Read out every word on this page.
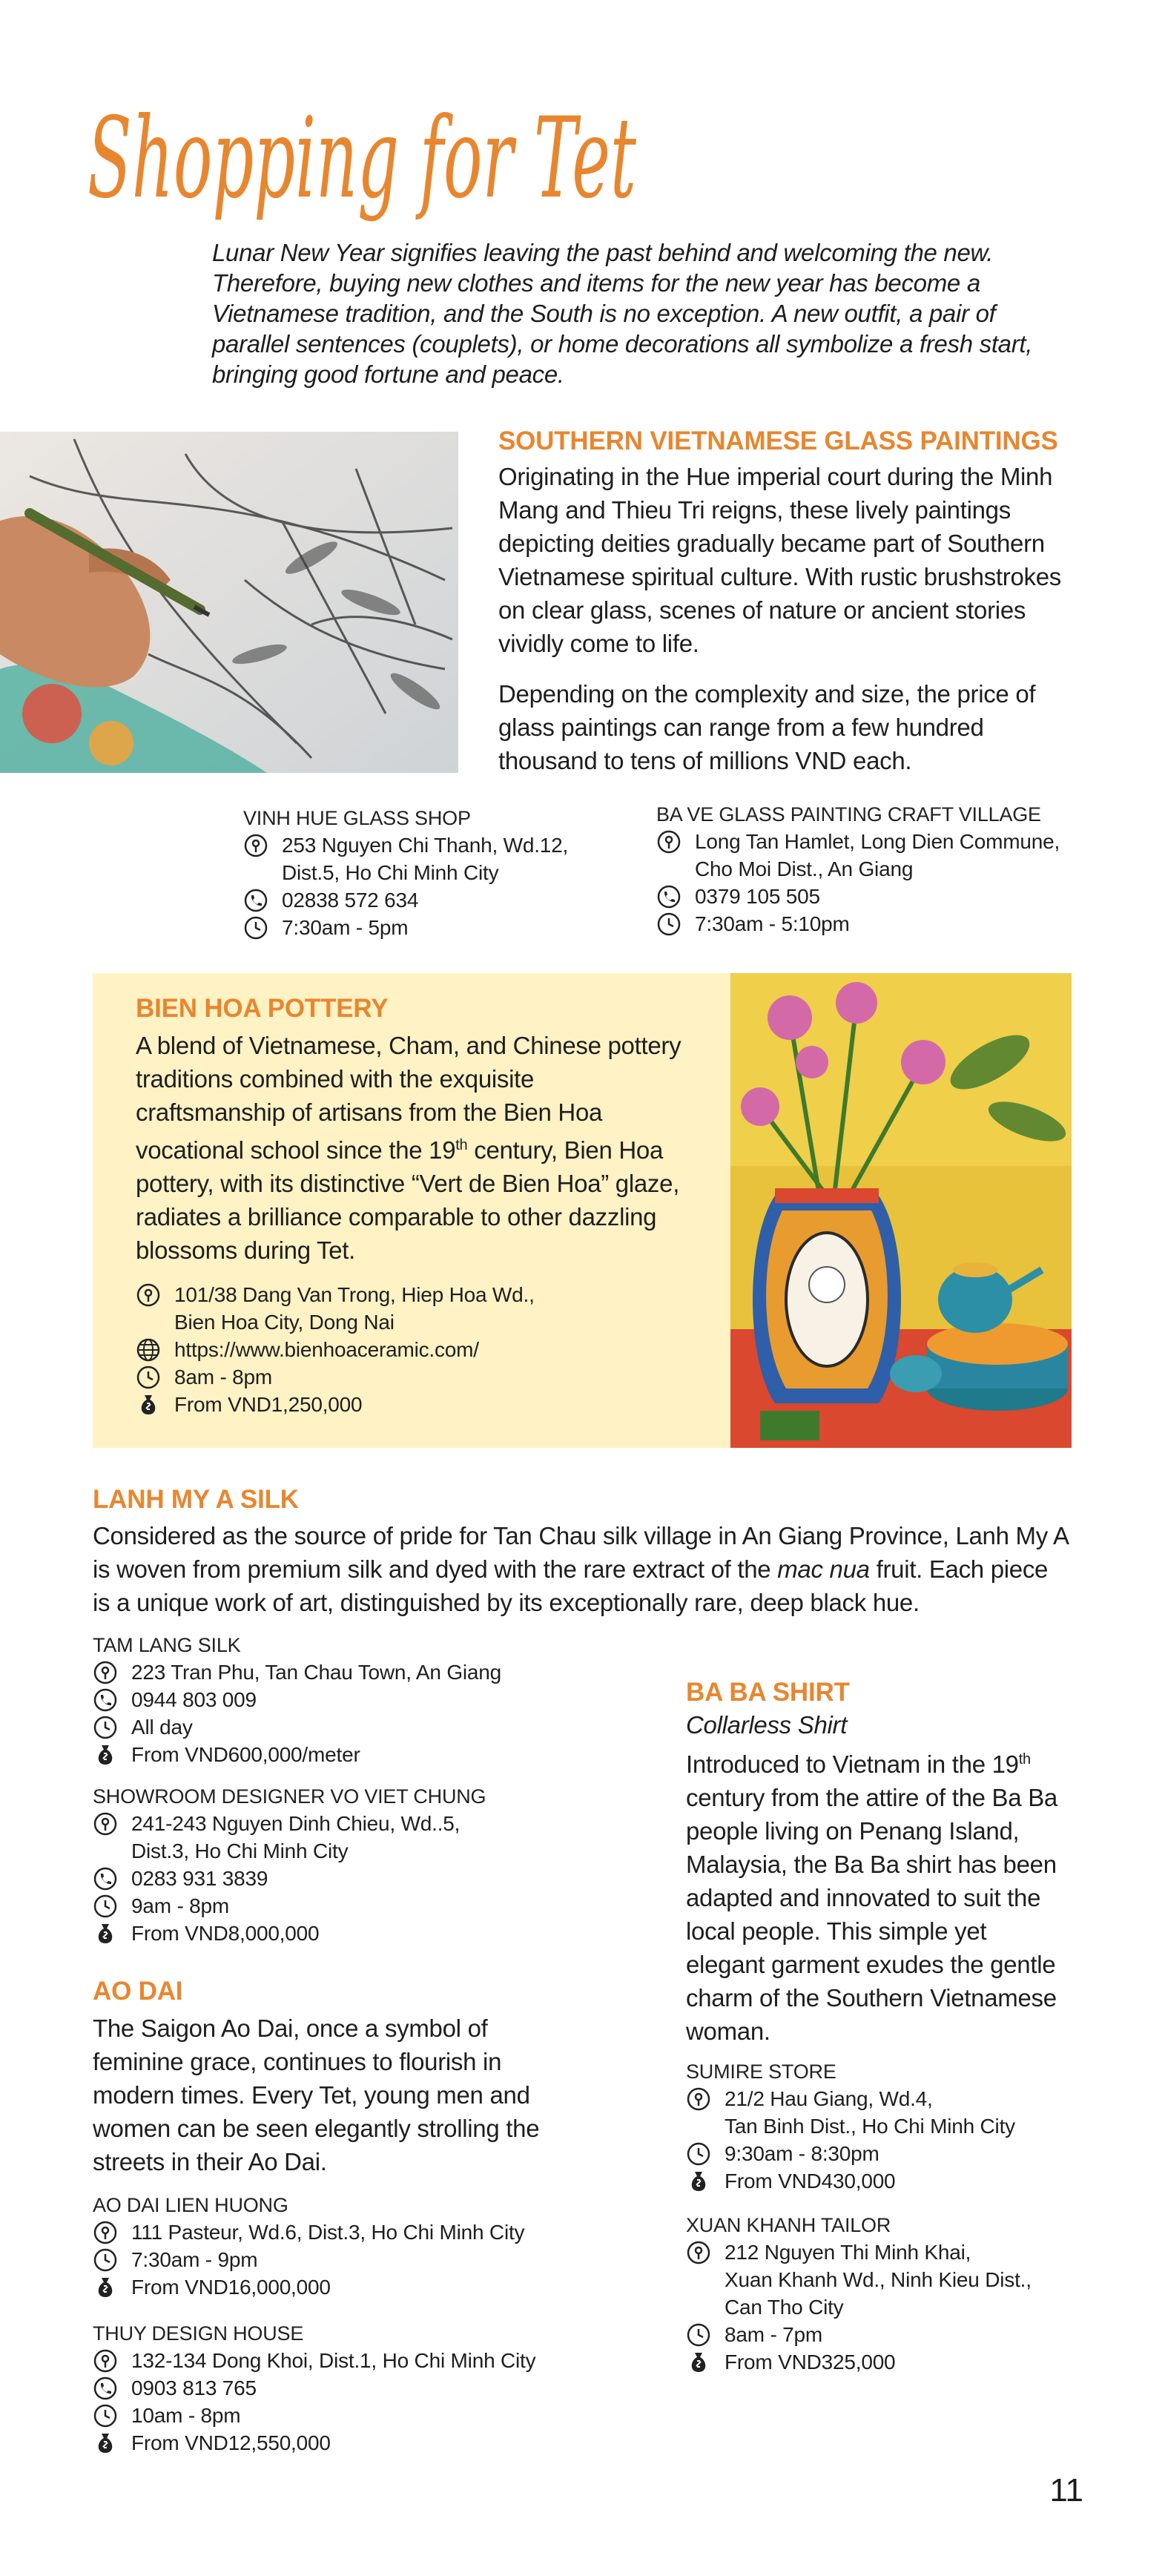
Shopping for Tet
Lunar New Year signifies leaving the past behind and welcoming the new. Therefore, buying new clothes and items for the new year has become a Vietnamese tradition, and the South is no exception. A new outfit, a pair of parallel sentences (couplets), or home decorations all symbolize a fresh start, bringing good fortune and peace.
SOUTHERN VIETNAMESE GLASS PAINTINGS
Originating in the Hue imperial court during the Minh Mang and Thieu Tri reigns, these lively paintings depicting deities gradually became part of Southern Vietnamese spiritual culture. With rustic brushstrokes on clear glass, scenes of nature or ancient stories vividly come to life.
Depending on the complexity and size, the price of glass paintings can range from a few hundred thousand to tens of millions VND each.
VINH HUE GLASS SHOP
253 Nguyen Chi Thanh, Wd.12,
Dist.5, Ho Chi Minh City
02838 572 634
7:30am - 5pm
BA VE GLASS PAINTING CRAFT VILLAGE
Long Tan Hamlet, Long Dien Commune,
Cho Moi Dist., An Giang
0379 105 505
7:30am - 5:10pm
BIEN HOA POTTERY
A blend of Vietnamese, Cham, and Chinese pottery traditions combined with the exquisite craftsmanship of artisans from the Bien Hoa vocational school since the 19th century, Bien Hoa pottery, with its distinctive “Vert de Bien Hoa” glaze, radiates a brilliance comparable to other dazzling blossoms during Tet.
101/38 Dang Van Trong, Hiep Hoa Wd.,
Bien Hoa City, Dong Nai
https://www.bienhoaceramic.com/
8am - 8pm
From VND1,250,000
LANH MY A SILK
Considered as the source of pride for Tan Chau silk village in An Giang Province, Lanh My A is woven from premium silk and dyed with the rare extract of the mac nua fruit. Each piece is a unique work of art, distinguished by its exceptionally rare, deep black hue.
TAM LANG SILK
223 Tran Phu, Tan Chau Town, An Giang
0944 803 009
All day
From VND600,000/meter
SHOWROOM DESIGNER VO VIET CHUNG
241-243 Nguyen Dinh Chieu, Wd..5,
Dist.3, Ho Chi Minh City
0283 931 3839
9am - 8pm
From VND8,000,000
AO DAI
The Saigon Ao Dai, once a symbol of feminine grace, continues to flourish in modern times. Every Tet, young men and women can be seen elegantly strolling the streets in their Ao Dai.
AO DAI LIEN HUONG
111 Pasteur, Wd.6, Dist.3, Ho Chi Minh City
7:30am - 9pm
From VND16,000,000
THUY DESIGN HOUSE
132-134 Dong Khoi, Dist.1, Ho Chi Minh City
0903 813 765
10am - 8pm
From VND12,550,000
BA BA SHIRT
Collarless Shirt
Introduced to Vietnam in the 19th century from the attire of the Ba Ba people living on Penang Island, Malaysia, the Ba Ba shirt has been adapted and innovated to suit the local people. This simple yet elegant garment exudes the gentle charm of the Southern Vietnamese woman.
SUMIRE STORE
21/2 Hau Giang, Wd.4,
Tan Binh Dist., Ho Chi Minh City
9:30am - 8:30pm
From VND430,000
XUAN KHANH TAILOR
212 Nguyen Thi Minh Khai,
Xuan Khanh Wd., Ninh Kieu Dist.,
Can Tho City
8am - 7pm
From VND325,000
11
